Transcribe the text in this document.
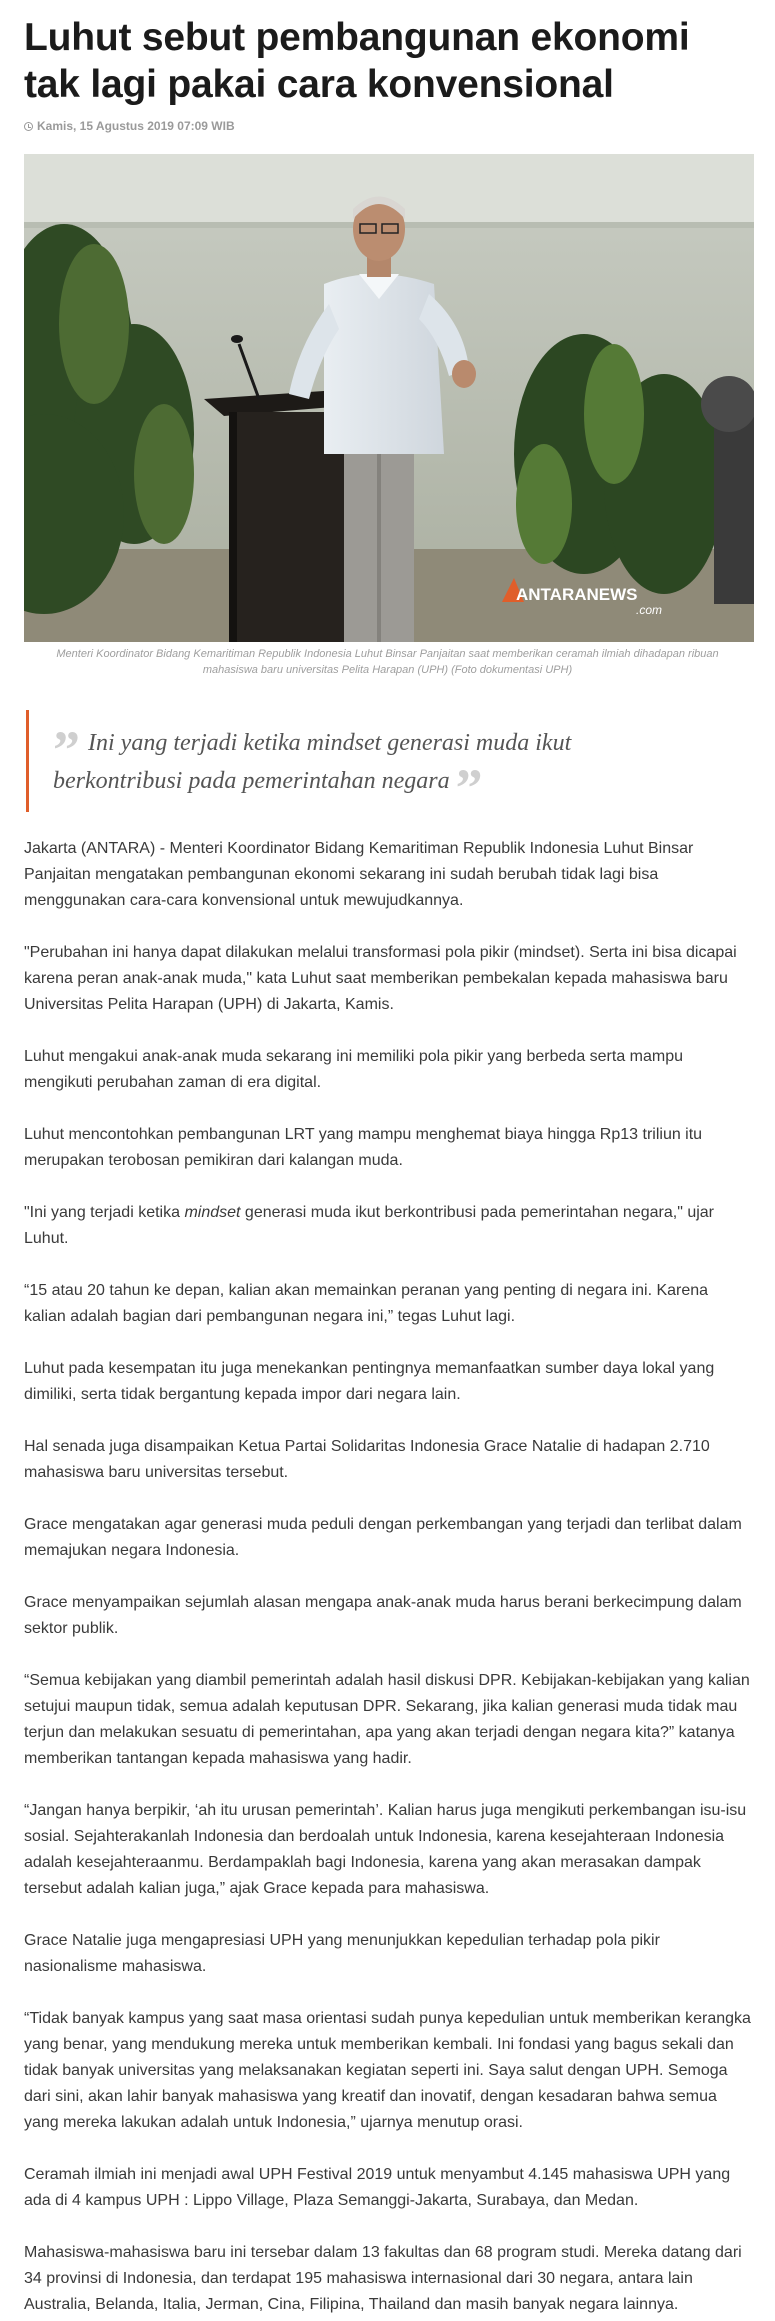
Luhut sebut pembangunan ekonomi tak lagi pakai cara konvensional
Kamis, 15 Agustus 2019 07:09 WIB
ANTARANEWS
.com
Menteri Koordinator Bidang Kemaritiman Republik Indonesia Luhut Binsar Panjaitan saat memberikan ceramah ilmiah dihadapan ribuan mahasiswa baru universitas Pelita Harapan (UPH) (Foto dokumentasi UPH)
” Ini yang terjadi ketika mindset generasi muda ikut berkontribusi pada pemerintahan negara ”

Jakarta (ANTARA) - Menteri Koordinator Bidang Kemaritiman Republik Indonesia Luhut Binsar Panjaitan mengatakan pembangunan ekonomi sekarang ini sudah berubah tidak lagi bisa menggunakan cara-cara konvensional untuk mewujudkannya.

"Perubahan ini hanya dapat dilakukan melalui transformasi pola pikir (mindset). Serta ini bisa dicapai karena peran anak-anak muda," kata Luhut saat memberikan pembekalan kepada mahasiswa baru Universitas Pelita Harapan (UPH) di Jakarta, Kamis.

Luhut mengakui anak-anak muda sekarang ini memiliki pola pikir yang berbeda serta mampu mengikuti perubahan zaman di era digital.

Luhut mencontohkan pembangunan LRT yang mampu menghemat biaya hingga Rp13 triliun itu merupakan terobosan pemikiran dari kalangan muda.

"Ini yang terjadi ketika mindset generasi muda ikut berkontribusi pada pemerintahan negara," ujar Luhut.

“15 atau 20 tahun ke depan, kalian akan memainkan peranan yang penting di negara ini. Karena kalian adalah bagian dari pembangunan negara ini,” tegas Luhut lagi.

Luhut pada kesempatan itu juga menekankan pentingnya memanfaatkan sumber daya lokal yang dimiliki, serta tidak bergantung kepada impor dari negara lain.

Hal senada juga disampaikan Ketua Partai Solidaritas Indonesia Grace Natalie di hadapan 2.710 mahasiswa baru universitas tersebut.

Grace mengatakan agar generasi muda peduli dengan perkembangan yang terjadi dan terlibat dalam memajukan negara Indonesia.

Grace menyampaikan sejumlah alasan mengapa anak-anak muda harus berani berkecimpung dalam sektor publik.

“Semua kebijakan yang diambil pemerintah adalah hasil diskusi DPR. Kebijakan-kebijakan yang kalian setujui maupun tidak, semua adalah keputusan DPR. Sekarang, jika kalian generasi muda tidak mau terjun dan melakukan sesuatu di pemerintahan, apa yang akan terjadi dengan negara kita?” katanya memberikan tantangan kepada mahasiswa yang hadir.

“Jangan hanya berpikir, ‘ah itu urusan pemerintah’. Kalian harus juga mengikuti perkembangan isu-isu sosial. Sejahterakanlah Indonesia dan berdoalah untuk Indonesia, karena kesejahteraan Indonesia adalah kesejahteraanmu. Berdampaklah bagi Indonesia, karena yang akan merasakan dampak tersebut adalah kalian juga,” ajak Grace kepada para mahasiswa.

Grace Natalie juga mengapresiasi UPH yang menunjukkan kepedulian terhadap pola pikir nasionalisme mahasiswa.

“Tidak banyak kampus yang saat masa orientasi sudah punya kepedulian untuk memberikan kerangka yang benar, yang mendukung mereka untuk memberikan kembali. Ini fondasi yang bagus sekali dan tidak banyak universitas yang melaksanakan kegiatan seperti ini. Saya salut dengan UPH. Semoga dari sini, akan lahir banyak mahasiswa yang kreatif dan inovatif, dengan kesadaran bahwa semua yang mereka lakukan adalah untuk Indonesia,” ujarnya menutup orasi.

Ceramah ilmiah ini menjadi awal UPH Festival 2019 untuk menyambut 4.145 mahasiswa UPH yang ada di 4 kampus UPH : Lippo Village, Plaza Semanggi-Jakarta, Surabaya, dan Medan.

Mahasiswa-mahasiswa baru ini tersebar dalam 13 fakultas dan 68 program studi. Mereka datang dari 34 provinsi di Indonesia, dan terdapat 195 mahasiswa internasional dari 30 negara, antara lain Australia, Belanda, Italia, Jerman, Cina, Filipina, Thailand dan masih banyak negara lainnya.
